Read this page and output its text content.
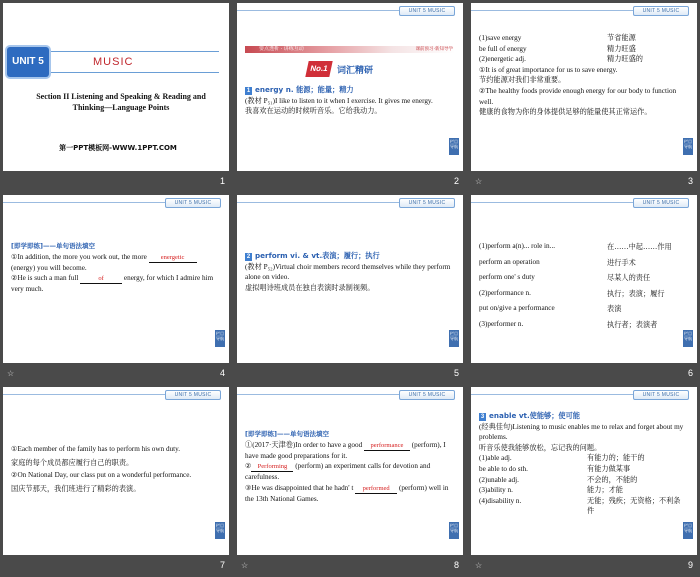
UNIT 5	MUSIC
Section II Listening and Speaking & Reading and Thinking—Language Points
第一PPT模板网-WWW.1PPT.COM
1
UNIT 5 MUSIC
要点透析 · 讲练互动	课前预习·新知导学
No.1 词汇精研
1 energy n. 能源；能量；精力
(教材 P₅₁)I like to listen to it when I exercise. It gives me energy.
我喜欢在运动的时候听音乐。它给我动力。
栏目导航
2
UNIT 5 MUSIC
(1)save energy	节省能源
be full of energy	精力旺盛
(2)energetic adj.	精力旺盛的
①It is of great importance for us to save energy.
节约能源对我们非常重要。
②The healthy foods provide enough energy for our body to function well.
健康的食物为你的身体提供足够的能量使其正常运作。
栏目导航
☆	3
UNIT 5 MUSIC
[即学即练]——单句语法填空
①In addition, the more you work out, the more energetic
(energy) you will become.
②He is such a man full	of	energy, for which I admire him very much.
栏目导航
☆	4
UNIT 5 MUSIC
2 perform vi. & vt.表演；履行；执行
(教材 P₅₂)Virtual choir members record themselves while they perform alone on video.
虚拟唱诗班成员在独自表演时录制视频。
栏目导航
5
UNIT 5 MUSIC
(1)perform a(n)... role in...	在……中起……作用
perform an operation	进行手术
perform one' s duty	尽某人的责任
(2)performance n.	执行；表演；履行
put on/give a performance	表演
(3)performer n.	执行者；表演者
栏目导航
6
UNIT 5 MUSIC
①Each member of the family has to perform his own duty.
家庭的每个成员都应履行自己的职责。
②On National Day, our class put on a wonderful performance.
国庆节那天，我们班进行了精彩的表演。
栏目导航
7
UNIT 5 MUSIC
[即学即练]——单句语法填空
①(2017·天津卷)In order to have a good performance (perform), I have made good preparations for it.
② Performing (perform) an experiment calls for devotion and carefulness.
③He was disappointed that he hadn' t performed (perform) well in the 13th National Games.
栏目导航
☆	8
UNIT 5 MUSIC
3 enable vt.使能够；使可能
(经典佳句)Listening to music enables me to relax and forget about my problems.
听音乐使我能够放松，忘记我的问题。
(1)able adj.	有能力的；能干的
be able to do sth.	有能力做某事
(2)unable adj.	不会的，不能的
(3)ability n.	能力；才能
(4)disability n.	无能；残疾；无资格；不利条件
栏目导航
☆	9
